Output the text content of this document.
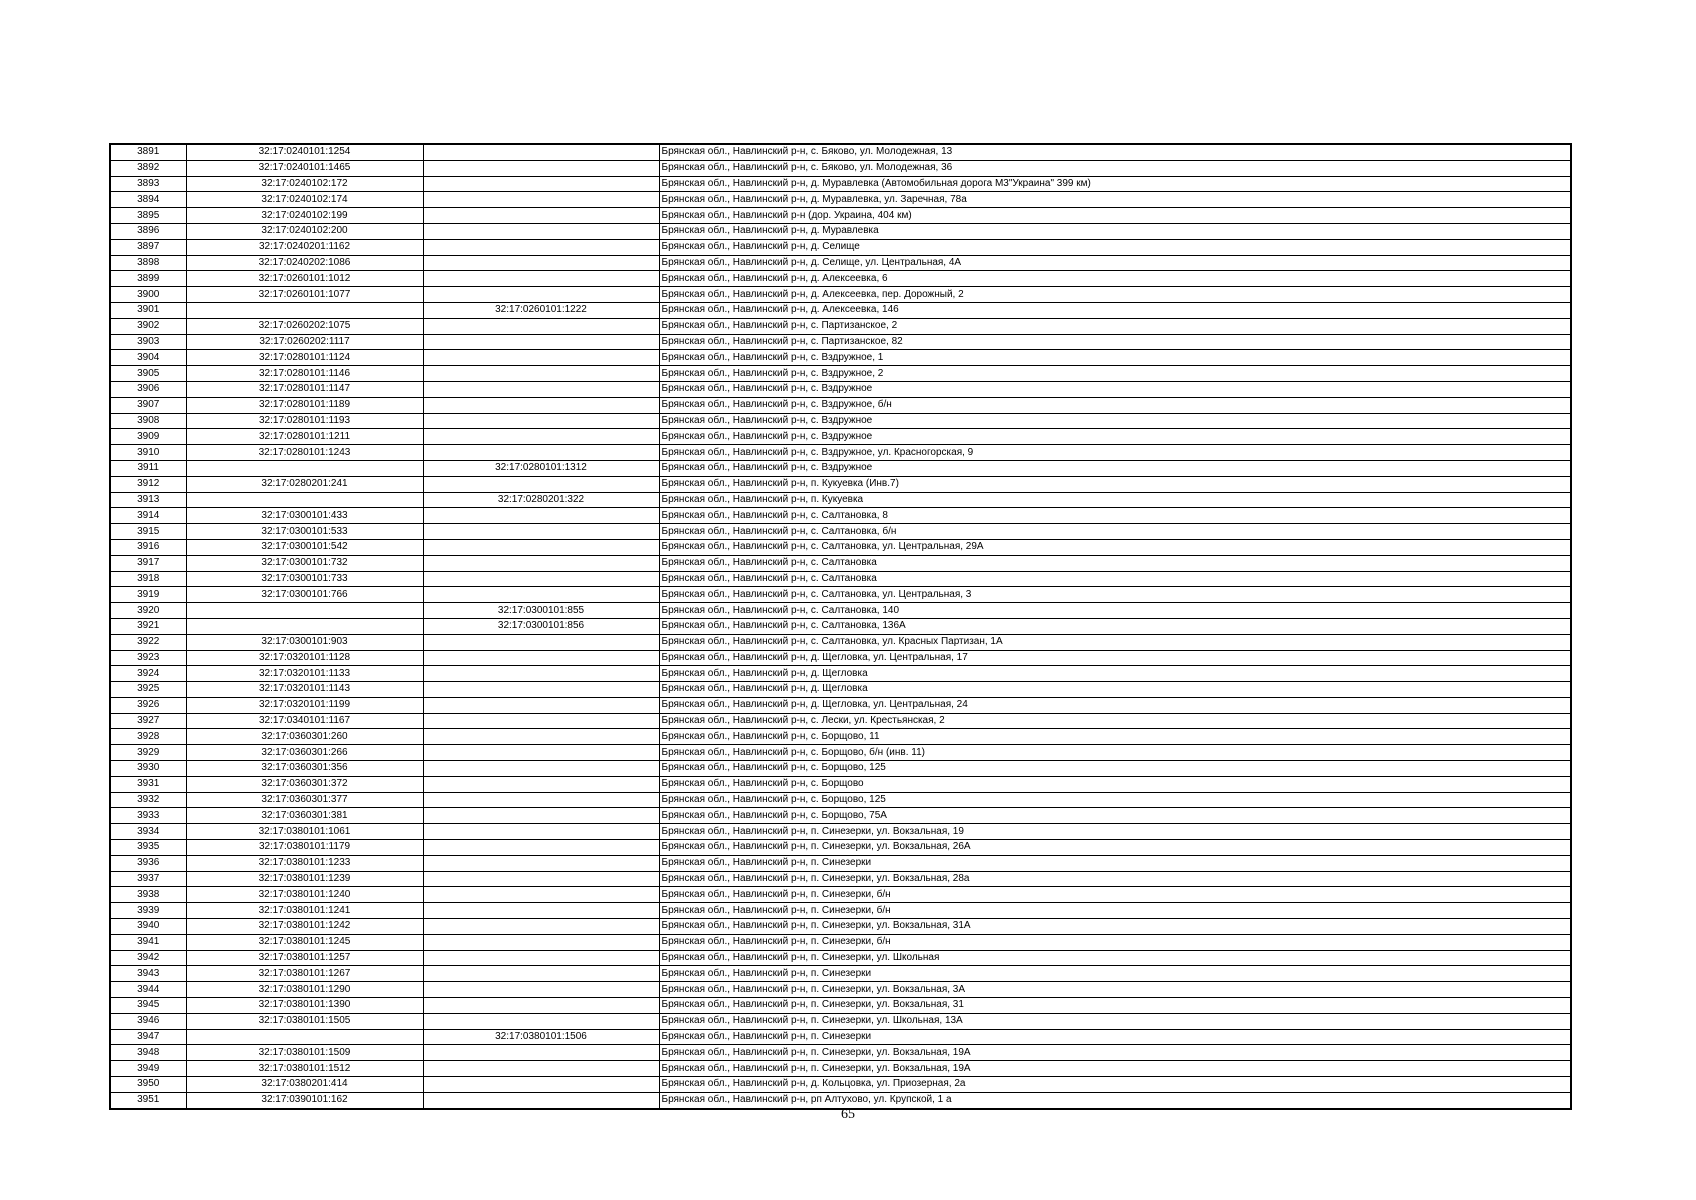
3891	32:17:0240101:1254		Брянская обл., Навлинский р-н, с. Бяково, ул. Молодежная, 13
3892	32:17:0240101:1465		Брянская обл., Навлинский р-н, с. Бяково, ул. Молодежная, 36
3893	32:17:0240102:172		Брянская обл., Навлинский р-н, д. Муравлевка (Автомобильная дорога М3"Украина" 399 км)
3894	32:17:0240102:174		Брянская обл., Навлинский р-н, д. Муравлевка, ул. Заречная, 78а
3895	32:17:0240102:199		Брянская обл., Навлинский р-н (дор. Украина, 404 км)
3896	32:17:0240102:200		Брянская обл., Навлинский р-н, д. Муравлевка
3897	32:17:0240201:1162		Брянская обл., Навлинский р-н, д. Селище
3898	32:17:0240202:1086		Брянская обл., Навлинский р-н, д. Селище, ул. Центральная, 4А
3899	32:17:0260101:1012		Брянская обл., Навлинский р-н, д. Алексеевка, 6
3900	32:17:0260101:1077		Брянская обл., Навлинский р-н, д. Алексеевка, пер. Дорожный, 2
3901		32:17:0260101:1222	Брянская обл., Навлинский р-н, д. Алексеевка, 146
3902	32:17:0260202:1075		Брянская обл., Навлинский р-н, с. Партизанское, 2
3903	32:17:0260202:1117		Брянская обл., Навлинский р-н, с. Партизанское, 82
3904	32:17:0280101:1124		Брянская обл., Навлинский р-н, с. Вздружное, 1
3905	32:17:0280101:1146		Брянская обл., Навлинский р-н, с. Вздружное, 2
3906	32:17:0280101:1147		Брянская обл., Навлинский р-н, с. Вздружное
3907	32:17:0280101:1189		Брянская обл., Навлинский р-н, с. Вздружное, б/н
3908	32:17:0280101:1193		Брянская обл., Навлинский р-н, с. Вздружное
3909	32:17:0280101:1211		Брянская обл., Навлинский р-н, с. Вздружное
3910	32:17:0280101:1243		Брянская обл., Навлинский р-н, с. Вздружное, ул. Красногорская, 9
3911		32:17:0280101:1312	Брянская обл., Навлинский р-н, с. Вздружное
3912	32:17:0280201:241		Брянская обл., Навлинский р-н, п. Кукуевка (Инв.7)
3913		32:17:0280201:322	Брянская обл., Навлинский р-н, п. Кукуевка
3914	32:17:0300101:433		Брянская обл., Навлинский р-н, с. Салтановка, 8
3915	32:17:0300101:533		Брянская обл., Навлинский р-н, с. Салтановка, б/н
3916	32:17:0300101:542		Брянская обл., Навлинский р-н, с. Салтановка, ул. Центральная, 29А
3917	32:17:0300101:732		Брянская обл., Навлинский р-н, с. Салтановка
3918	32:17:0300101:733		Брянская обл., Навлинский р-н, с. Салтановка
3919	32:17:0300101:766		Брянская обл., Навлинский р-н, с. Салтановка, ул. Центральная, 3
3920		32:17:0300101:855	Брянская обл., Навлинский р-н, с. Салтановка, 140
3921		32:17:0300101:856	Брянская обл., Навлинский р-н, с. Салтановка, 136А
3922	32:17:0300101:903		Брянская обл., Навлинский р-н, с. Салтановка, ул. Красных Партизан, 1А
3923	32:17:0320101:1128		Брянская обл., Навлинский р-н, д. Щегловка, ул. Центральная, 17
3924	32:17:0320101:1133		Брянская обл., Навлинский р-н, д. Щегловка
3925	32:17:0320101:1143		Брянская обл., Навлинский р-н, д. Щегловка
3926	32:17:0320101:1199		Брянская обл., Навлинский р-н, д. Щегловка, ул. Центральная, 24
3927	32:17:0340101:1167		Брянская обл., Навлинский р-н, с. Лески, ул. Крестьянская, 2
3928	32:17:0360301:260		Брянская обл., Навлинский р-н, с. Борщово, 11
3929	32:17:0360301:266		Брянская обл., Навлинский р-н, с. Борщово, б/н (инв. 11)
3930	32:17:0360301:356		Брянская обл., Навлинский р-н, с. Борщово, 125
3931	32:17:0360301:372		Брянская обл., Навлинский р-н, с. Борщово
3932	32:17:0360301:377		Брянская обл., Навлинский р-н, с. Борщово, 125
3933	32:17:0360301:381		Брянская обл., Навлинский р-н, с. Борщово, 75А
3934	32:17:0380101:1061		Брянская обл., Навлинский р-н, п. Синезерки, ул. Вокзальная, 19
3935	32:17:0380101:1179		Брянская обл., Навлинский р-н, п. Синезерки, ул. Вокзальная, 26А
3936	32:17:0380101:1233		Брянская обл., Навлинский р-н, п. Синезерки
3937	32:17:0380101:1239		Брянская обл., Навлинский р-н, п. Синезерки, ул. Вокзальная, 28а
3938	32:17:0380101:1240		Брянская обл., Навлинский р-н, п. Синезерки, б/н
3939	32:17:0380101:1241		Брянская обл., Навлинский р-н, п. Синезерки, б/н
3940	32:17:0380101:1242		Брянская обл., Навлинский р-н, п. Синезерки, ул. Вокзальная, 31А
3941	32:17:0380101:1245		Брянская обл., Навлинский р-н, п. Синезерки, б/н
3942	32:17:0380101:1257		Брянская обл., Навлинский р-н, п. Синезерки, ул. Школьная
3943	32:17:0380101:1267		Брянская обл., Навлинский р-н, п. Синезерки
3944	32:17:0380101:1290		Брянская обл., Навлинский р-н, п. Синезерки, ул. Вокзальная, 3А
3945	32:17:0380101:1390		Брянская обл., Навлинский р-н, п. Синезерки, ул. Вокзальная, 31
3946	32:17:0380101:1505		Брянская обл., Навлинский р-н, п. Синезерки, ул. Школьная, 13А
3947		32:17:0380101:1506	Брянская обл., Навлинский р-н, п. Синезерки
3948	32:17:0380101:1509		Брянская обл., Навлинский р-н, п. Синезерки, ул. Вокзальная, 19А
3949	32:17:0380101:1512		Брянская обл., Навлинский р-н, п. Синезерки, ул. Вокзальная, 19А
3950	32:17:0380201:414		Брянская обл., Навлинский р-н, д. Кольцовка, ул. Приозерная, 2а
3951	32:17:0390101:162		Брянская обл., Навлинский р-н, рп Алтухово, ул. Крупской, 1 а
65
